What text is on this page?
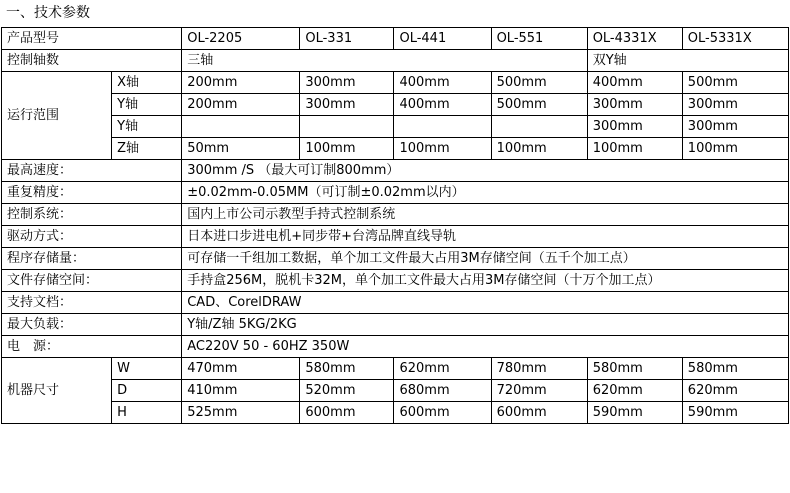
一、技术参数
产品型号		OL-2205	OL-331	OL-441	OL-551	OL-4331X	OL-5331X
控制轴数		三轴				双Y轴	
运行范围	X轴	200mm	300mm	400mm	500mm	400mm	500mm
	Y轴	200mm	300mm	400mm	500mm	300mm	300mm
	Y轴					300mm	300mm
	Z轴	50mm	100mm	100mm	100mm	100mm	100mm
最高速度：		300mm /S （最大可订制800mm）					
重复精度：		±0.02mm-0.05MM（可订制±0.02mm以内）					
控制系统：		国内上市公司示教型手持式控制系统					
驱动方式：		日本进口步进电机+同步带+台湾品牌直线导轨					
程序存储量：		可存储一千组加工数据，单个加工文件最大占用3M存储空间（五千个加工点）					
文件存储空间：		手持盒256M，脱机卡32M，单个加工文件最大占用3M存储空间（十万个加工点）					
支持文档：		CAD、CorelDRAW					
最大负载：		Y轴/Z轴 5KG/2KG					
电　源：		AC220V 50 - 60HZ 350W					
机器尺寸	W	470mm	580mm	620mm	780mm	580mm	580mm
	D	410mm	520mm	680mm	720mm	620mm	620mm
	H	525mm	600mm	600mm	600mm	590mm	590mm
